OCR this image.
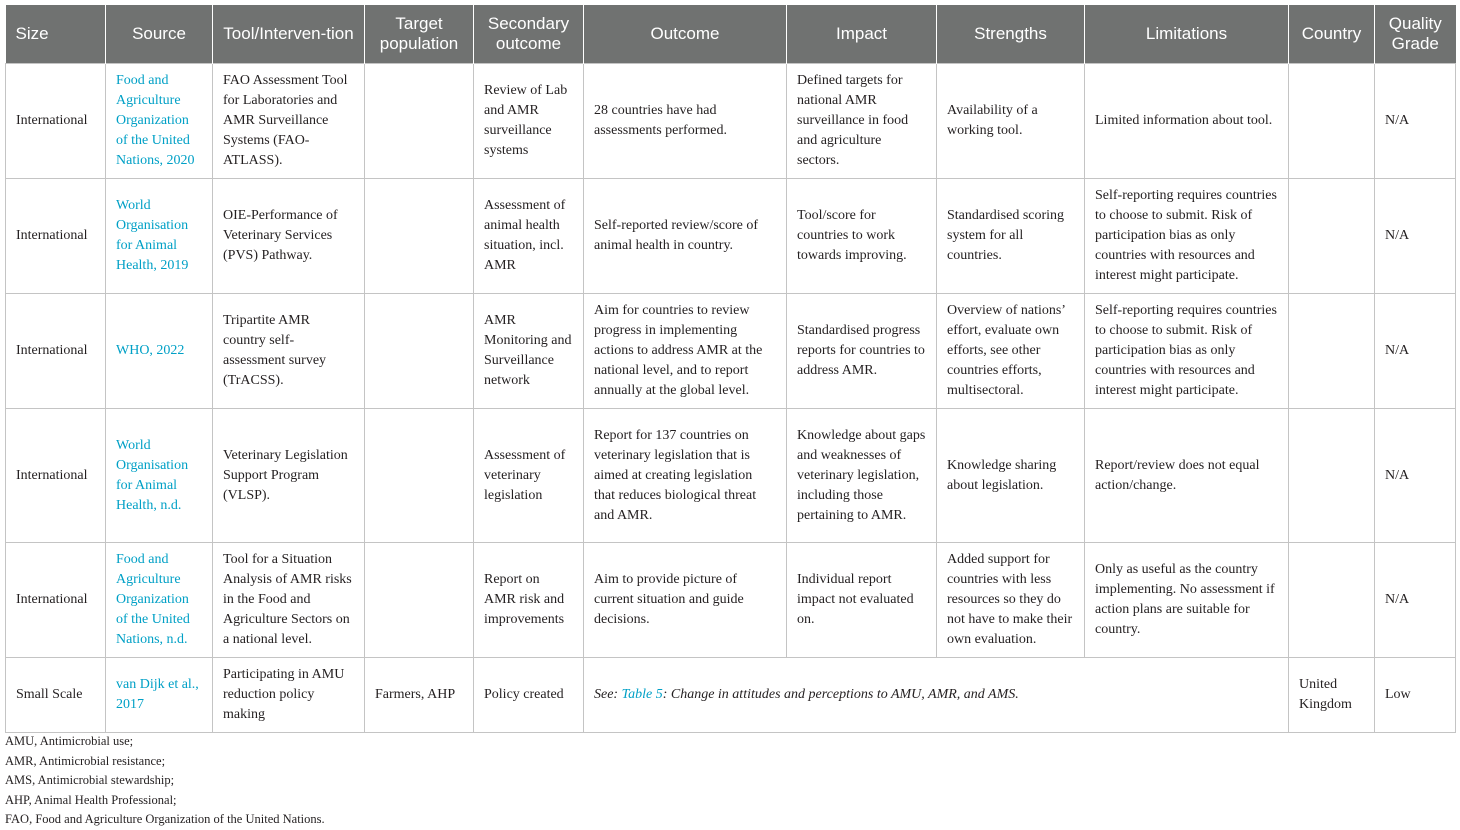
Size	Source	Tool/Interven-tion	Target population	Secondary outcome	Outcome	Impact	Strengths	Limitations	Country	Quality Grade
International	Food and Agriculture Organization of the United Nations, 2020	FAO Assessment Tool for Laboratories and AMR Surveillance Systems (FAO-ATLASS).		Review of Lab and AMR surveillance systems	28 countries have had assessments performed.	Defined targets for national AMR surveillance in food and agriculture sectors.	Availability of a working tool.	Limited information about tool.		N/A
International	World Organisation for Animal Health, 2019	OIE-Performance of Veterinary Services (PVS) Pathway.		Assessment of animal health situation, incl. AMR	Self-reported review/score of animal health in country.	Tool/score for countries to work towards improving.	Standardised scoring system for all countries.	Self-reporting requires countries to choose to submit. Risk of participation bias as only countries with resources and interest might participate.		N/A
International	WHO, 2022	Tripartite AMR country self-assessment survey (TrACSS).		AMR Monitoring and Surveillance network	Aim for countries to review progress in implementing actions to address AMR at the national level, and to report annually at the global level.	Standardised progress reports for countries to address AMR.	Overview of nations’ effort, evaluate own efforts, see other countries efforts, multisectoral.	Self-reporting requires countries to choose to submit. Risk of participation bias as only countries with resources and interest might participate.		N/A
International	World Organisation for Animal Health, n.d.	Veterinary Legislation Support Program (VLSP).		Assessment of veterinary legislation	Report for 137 countries on veterinary legislation that is aimed at creating legislation that reduces biological threat and AMR.	Knowledge about gaps and weaknesses of veterinary legislation, including those pertaining to AMR.	Knowledge sharing about legislation.	Report/review does not equal action/change.		N/A
International	Food and Agriculture Organization of the United Nations, n.d.	Tool for a Situation Analysis of AMR risks in the Food and Agriculture Sectors on a national level.		Report on AMR risk and improvements	Aim to provide picture of current situation and guide decisions.	Individual report impact not evaluated on.	Added support for countries with less resources so they do not have to make their own evaluation.	Only as useful as the country implementing. No assessment if action plans are suitable for country.		N/A
Small Scale	van Dijk et al., 2017	Participating in AMU reduction policy making	Farmers, AHP	Policy created	See: Table 5: Change in attitudes and perceptions to AMU, AMR, and AMS.				United Kingdom	Low
AMU, Antimicrobial use;
AMR, Antimicrobial resistance;
AMS, Antimicrobial stewardship;
AHP, Animal Health Professional;
FAO, Food and Agriculture Organization of the United Nations.
